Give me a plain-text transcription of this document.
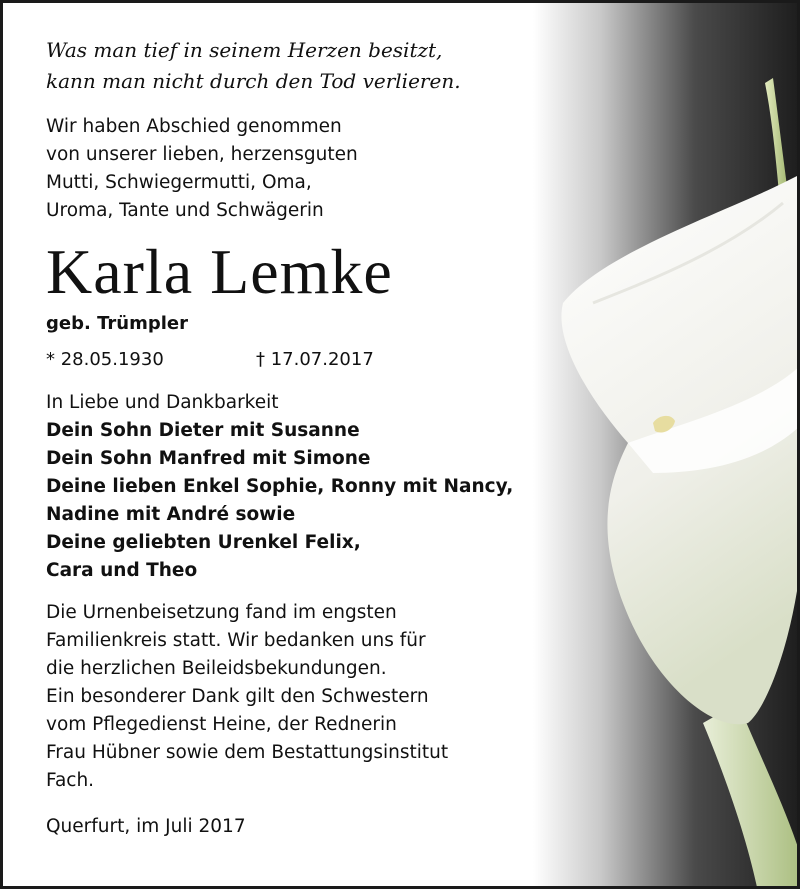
Was man tief in seinem Herzen besitzt,
kann man nicht durch den Tod verlieren.
Wir haben Abschied genommen
von unserer lieben, herzensguten
Mutti, Schwiegermutti, Oma,
Uroma, Tante und Schwägerin
Karla Lemke
geb. Trümpler
* 28.05.1930	† 17.07.2017
In Liebe und Dankbarkeit
Dein Sohn Dieter mit Susanne
Dein Sohn Manfred mit Simone
Deine lieben Enkel Sophie, Ronny mit Nancy,
Nadine mit André sowie
Deine geliebten Urenkel Felix,
Cara und Theo
Die Urnenbeisetzung fand im engsten
Familienkreis statt. Wir bedanken uns für
die herzlichen Beileidsbekundungen.
Ein besonderer Dank gilt den Schwestern
vom Pflegedienst Heine, der Rednerin
Frau Hübner sowie dem Bestattungsinstitut
Fach.
Querfurt, im Juli 2017
